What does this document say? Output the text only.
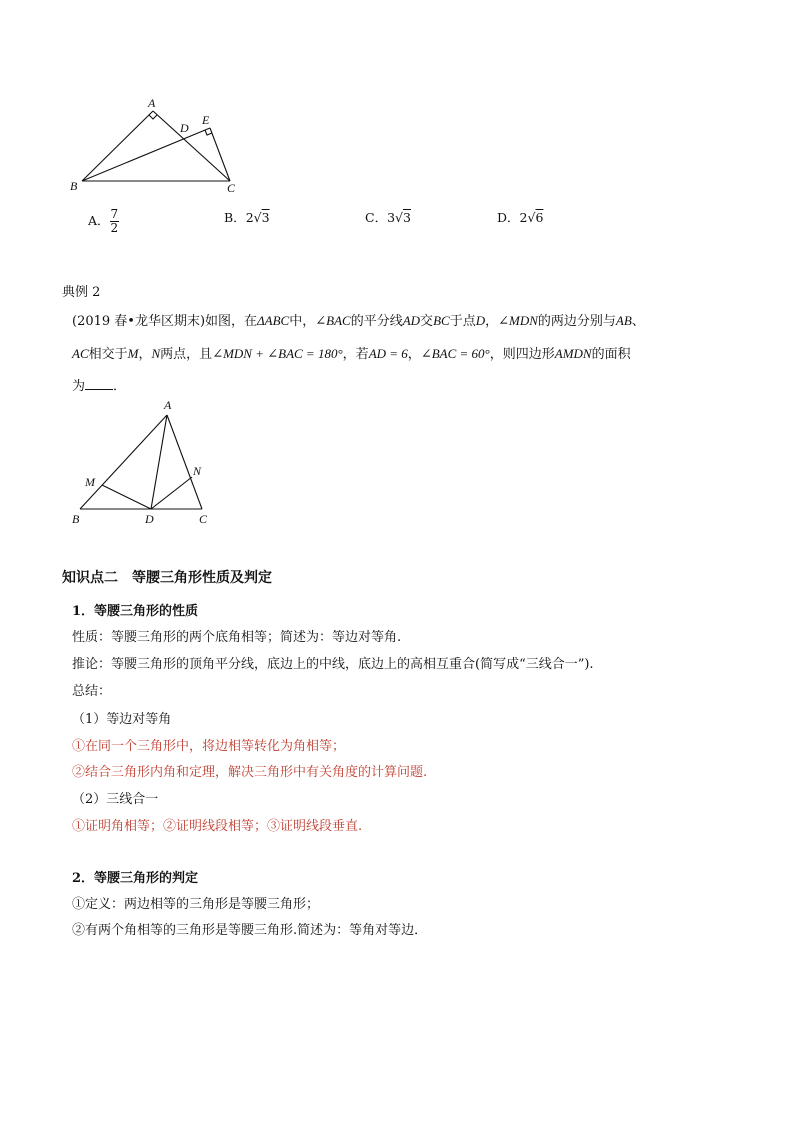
A
B	C
D
E
A． $\frac{7}{2}$	B．2√3	C．3√3	D．2√6
典例 2
(2019 春•龙华区期末)如图，在ΔABC中，∠BAC的平分线AD交BC于点D，∠MDN的两边分别与AB、
AC相交于M，N两点，且∠MDN + ∠BAC = 180°，若AD = 6，∠BAC = 60°，则四边形AMDN的面积
为 ．
A
M
N
B	D	C
知识点二　等腰三角形性质及判定
1．等腰三角形的性质
性质：等腰三角形的两个底角相等；简述为：等边对等角.
推论：等腰三角形的顶角平分线，底边上的中线，底边上的高相互重合(简写成“三线合一”).
总结：
（1）等边对等角
①在同一个三角形中，将边相等转化为角相等；
②结合三角形内角和定理，解决三角形中有关角度的计算问题.
（2）三线合一
①证明角相等；②证明线段相等；③证明线段垂直.
2．等腰三角形的判定
①定义：两边相等的三角形是等腰三角形；
②有两个角相等的三角形是等腰三角形.简述为：等角对等边．
